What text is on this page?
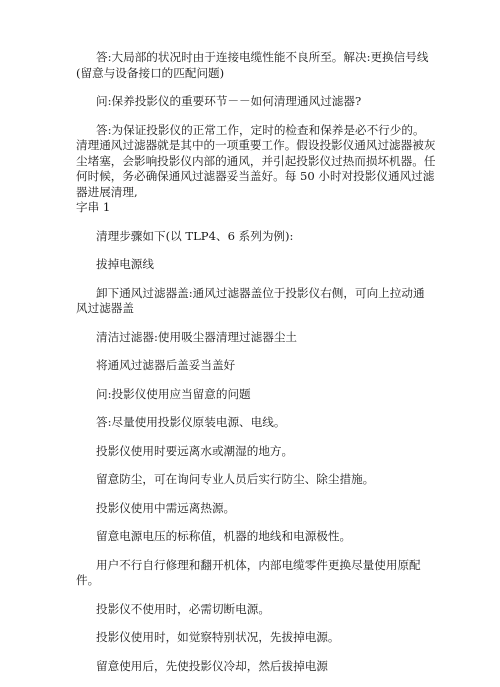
答:大局部的状况时由于连接电缆性能不良所至。解决:更换信号线(留意与设备接口的匹配问题)

问:保养投影仪的重要环节－－如何清理通风过滤器?

答:为保证投影仪的正常工作，定时的检查和保养是必不行少的。清理通风过滤器就是其中的一项重要工作。假设投影仪通风过滤器被灰尘堵塞，会影响投影仪内部的通风，并引起投影仪过热而损坏机器。任何时候，务必确保通风过滤器妥当盖好。每 50 小时对投影仪通风过滤器进展清理,

字串 1

清理步骤如下(以 TLP4、6 系列为例):

拔掉电源线

卸下通风过滤器盖:通风过滤器盖位于投影仪右侧，可向上拉动通风过滤器盖

清洁过滤器:使用吸尘器清理过滤器尘土

将通风过滤器后盖妥当盖好

问:投影仪使用应当留意的问题

答:尽量使用投影仪原装电源、电线。

投影仪使用时要远离水或潮湿的地方。

留意防尘，可在询问专业人员后实行防尘、除尘措施。

投影仪使用中需远离热源。

留意电源电压的标称值，机器的地线和电源极性。

用户不行自行修理和翻开机体，内部电缆零件更换尽量使用原配件。

投影仪不使用时，必需切断电源。

投影仪使用时，如觉察特别状况，先拔掉电源。

留意使用后，先使投影仪冷却，然后拔掉电源
